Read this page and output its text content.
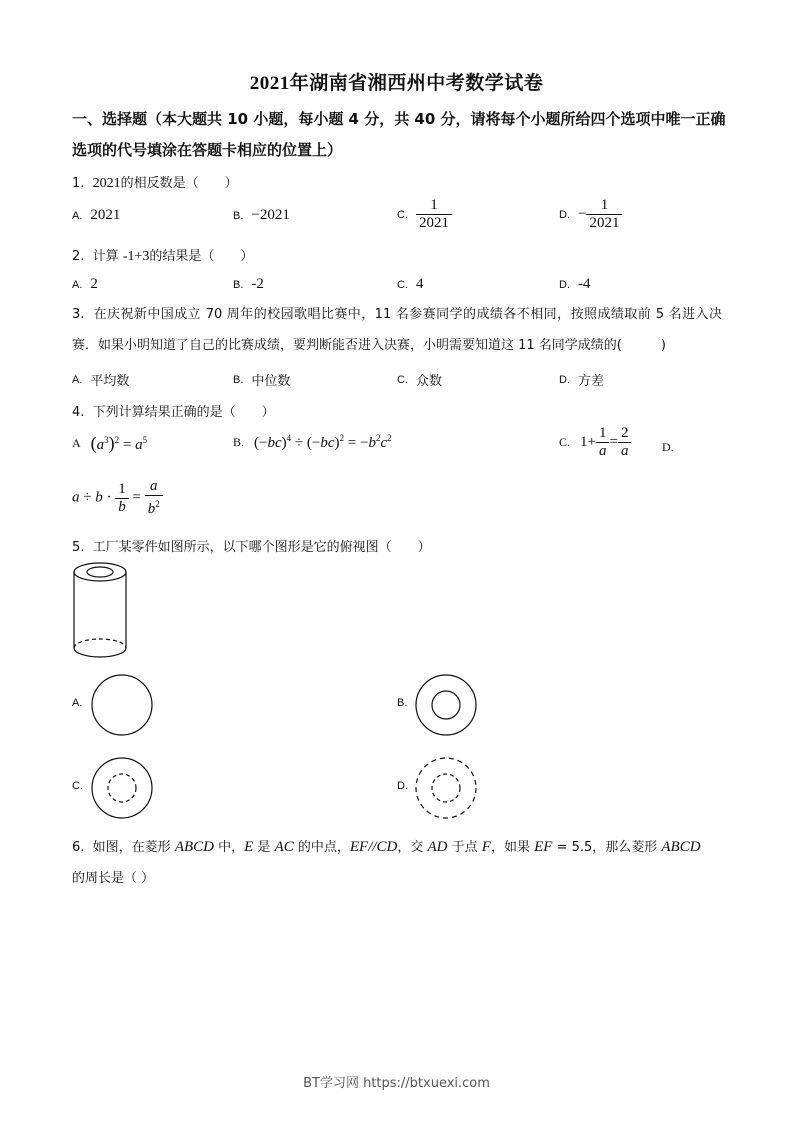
2021年湖南省湘西州中考数学试卷
一、选择题（本大题共 10 小题，每小题 4 分，共 40 分，请将每个小题所给四个选项中唯一正确选项的代号填涂在答题卡相应的位置上）
1. 2021的相反数是（　　）
A. 2021	B. −2021	C. $\frac{1}{2021}$	D. − $\frac{1}{2021}$
2. 计算 -1+3的结果是（　　）
A. 2	B. -2	C. 4	D. -4
3. 在庆祝新中国成立 70 周年的校园歌唱比赛中，11 名参赛同学的成绩各不相同，按照成绩取前 5 名进入决赛．如果小明知道了自己的比赛成绩，要判断能否进入决赛，小明需要知道这 11 名同学成绩的(　　　)
A. 平均数	B. 中位数	C. 众数	D. 方差
4. 下列计算结果正确的是（　　）
A $(a^3)^2 = a^5$	B. $(-bc)^4 \div (-bc)^2 = -b^2c^2$	C. $1+ \frac{1}{a} = \frac{2}{a}$	D.
$a \div b \cdot \frac{1}{b} = \frac{a}{b^2}$
5. 工厂某零件如图所示，以下哪个图形是它的俯视图（　　）
A.	B.
C.	D.
6. 如图，在菱形 ABCD 中，E 是 AC 的中点，EF//CD，交 AD 于点 F，如果 EF = 5.5，那么菱形 ABCD
的周长是（ ）
BT学习网 https://btxuexi.com
